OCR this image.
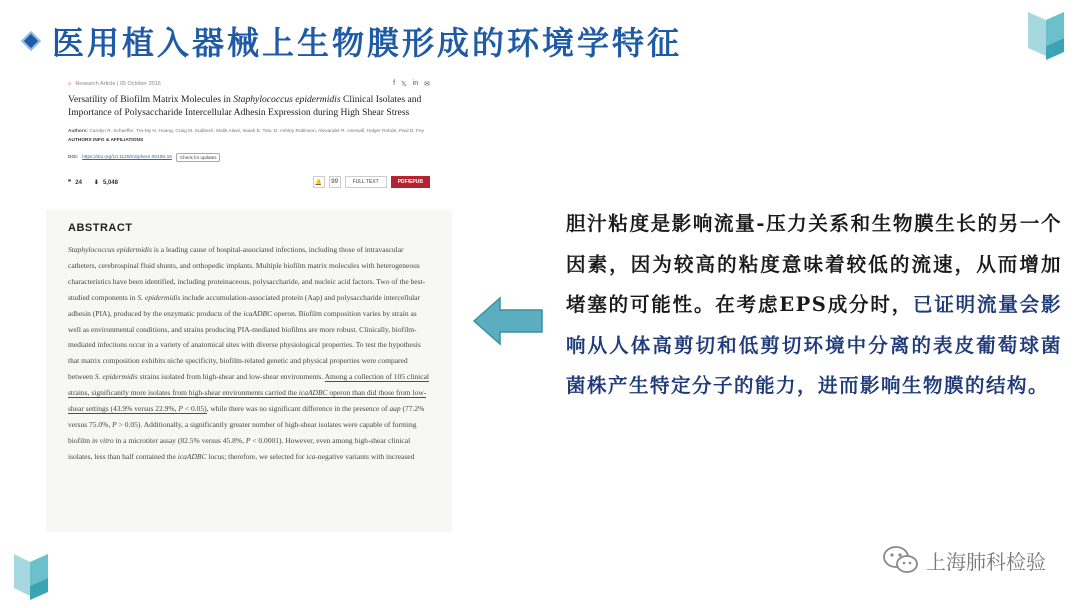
医用植入器械上生物膜形成的环境学特征
⌂ Research Article | 05 October 2016	f 𝕏 in ✉
Versatility of Biofilm Matrix Molecules in Staphylococcus epidermidis Clinical Isolates and Importance of Polysaccharide Intercellular Adhesin Expression during High Shear Stress
Authors: Carolyn R. Schaeffer, Tra-My N. Hoang, Craig M. Sudbeck, Malik Alawi, Isaiah E. Tolo, D. Ashley Robinson, Alexander R. Horswill, Holger Rohde, Paul D. Fey AUTHORS INFO & AFFILIATIONS
DOI: https://doi.org/10.1128/mSphere.00165-16	Check for updates
❞ 24 ⬇ 5,048	🔔	99	FULL TEXT	PDF/EPUB
ABSTRACT
Staphylococcus epidermidis is a leading cause of hospital-associated infections, including those of intravascular catheters, cerebrospinal fluid shunts, and orthopedic implants. Multiple biofilm matrix molecules with heterogeneous characteristics have been identified, including proteinaceous, polysaccharide, and nucleic acid factors. Two of the best-studied components in S. epidermidis include accumulation-associated protein (Aap) and polysaccharide intercellular adhesin (PIA), produced by the enzymatic products of the icaADBC operon. Biofilm composition varies by strain as well as environmental conditions, and strains producing PIA-mediated biofilms are more robust. Clinically, biofilm-mediated infections occur in a variety of anatomical sites with diverse physiological properties. To test the hypothesis that matrix composition exhibits niche specificity, biofilm-related genetic and physical properties were compared between S. epidermidis strains isolated from high-shear and low-shear environments. Among a collection of 105 clinical strains, significantly more isolates from high-shear environments carried the icaADBC operon than did those from low-shear settings (43.9% versus 22.9%, P < 0.05), while there was no significant difference in the presence of aap (77.2% versus 75.0%, P > 0.05). Additionally, a significantly greater number of high-shear isolates were capable of forming biofilm in vitro in a microtiter assay (82.5% versus 45.8%, P < 0.0001). However, even among high-shear clinical isolates, less than half contained the icaADBC locus; therefore, we selected for ica-negative variants with increased
胆汁粘度是影响流量-压力关系和生物膜生长的另一个因素，因为较高的粘度意味着较低的流速，从而增加堵塞的可能性。在考虑EPS成分时，已证明流量会影响从人体高剪切和低剪切环境中分离的表皮葡萄球菌菌株产生特定分子的能力，进而影响生物膜的结构。
上海肺科检验
